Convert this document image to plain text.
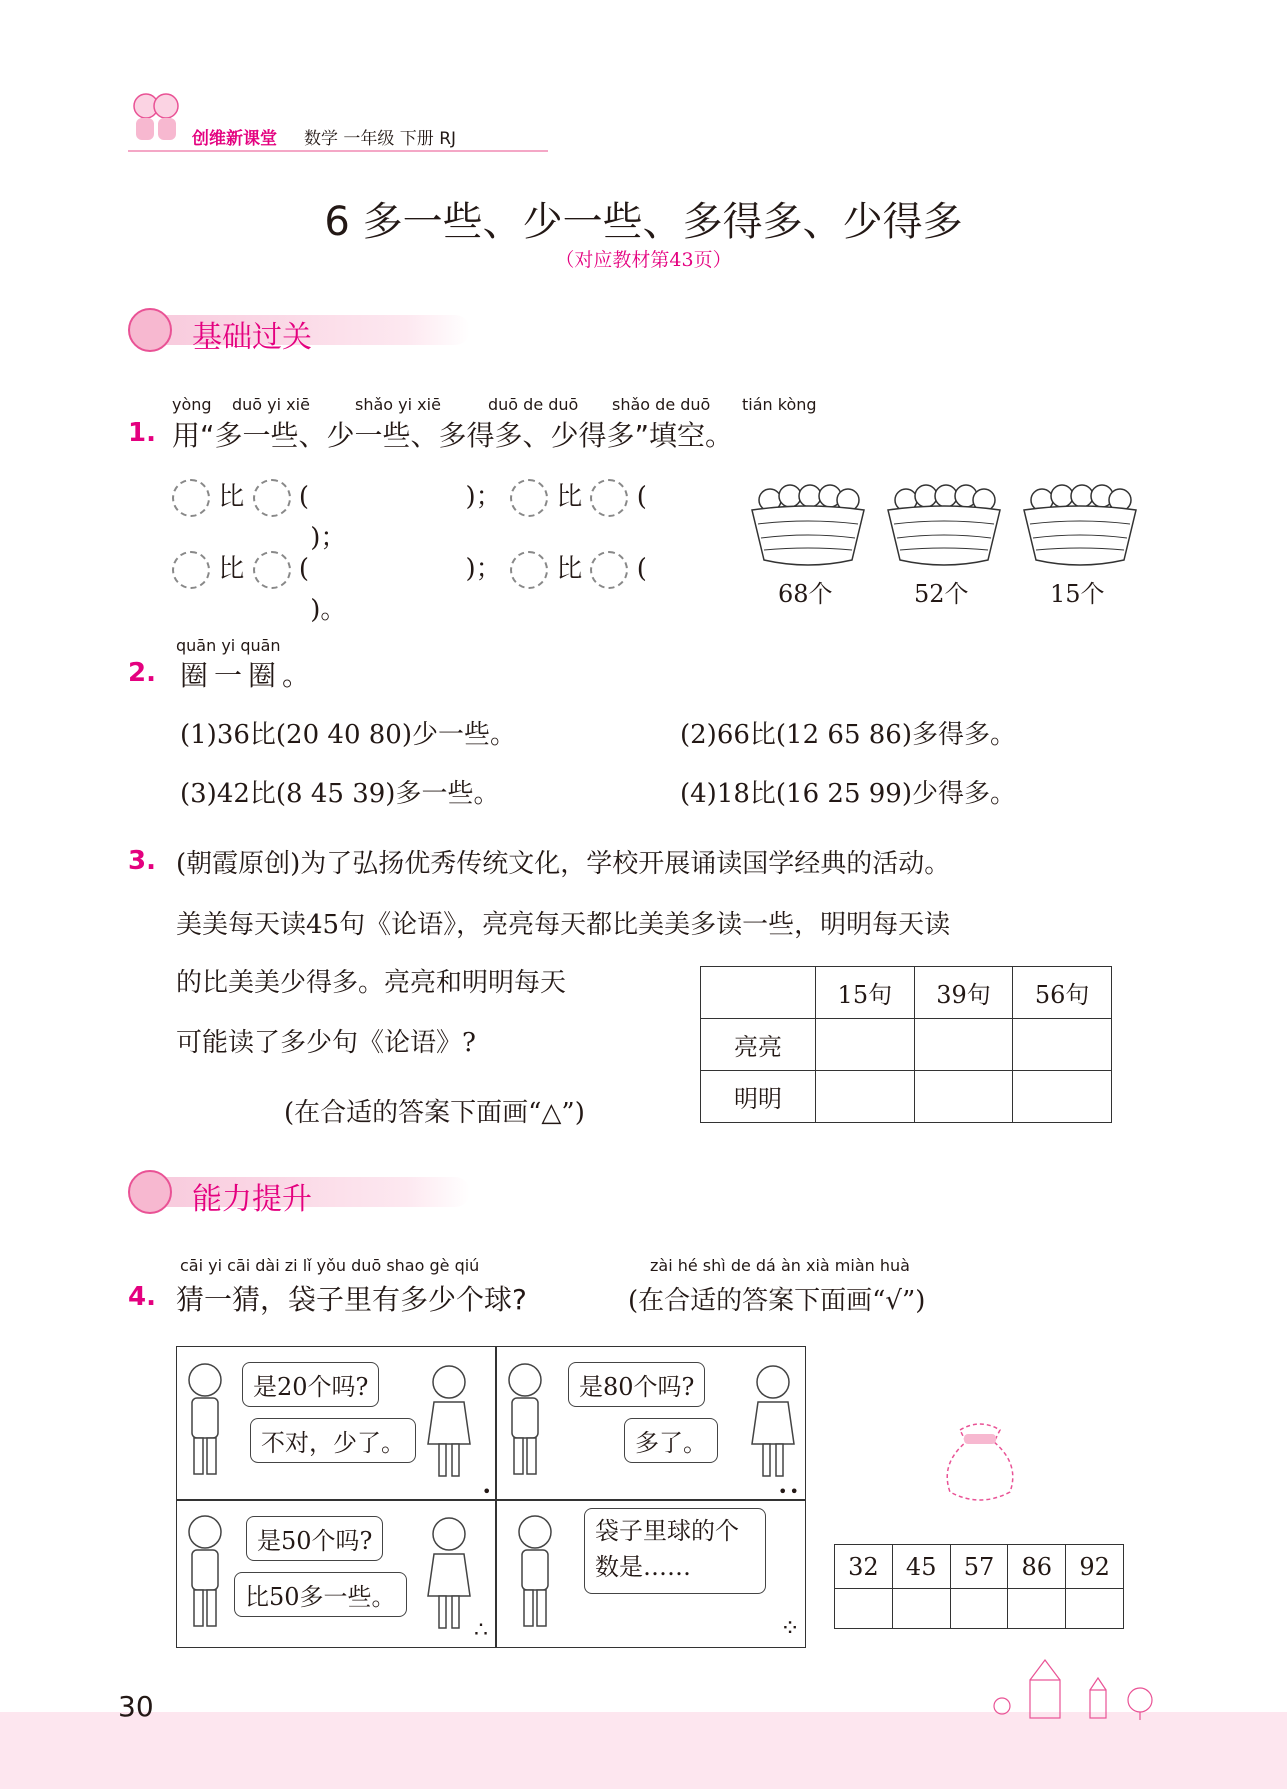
创维新课堂 数学 一年级 下册 RJ
6 多一些、少一些、多得多、少得多
（对应教材第43页）
基础过关
yòng duō yi xiē	shǎo yi xiē	duō de duō shǎo de duō tián kòng
1. 用“多一些、少一些、多得多、少得多”填空。
比 (	)； 比 (  )；
比 (	)； 比 (  )。
68个	52个	15个
quān yi quān
2. 圈一圈。
(1)36比(20 40 80)少一些。	(2)66比(12 65 86)多得多。
(3)42比(8 45 39)多一些。	(4)18比(16 25 99)少得多。
3. (朝霞原创)为了弘扬优秀传统文化，学校开展诵读国学经典的活动。
美美每天读45句《论语》，亮亮每天都比美美多读一些，明明每天读
的比美美少得多。亮亮和明明每天
可能读了多少句《论语》?
(在合适的答案下面画“△”)
	15句	39句	56句
亮亮			
明明			
能力提升
cāi yi cāi dài zi lǐ yǒu duō shao gè qiú	zài hé shì de dá àn xià miàn huà
4. 猜一猜，袋子里有多少个球?	(在合适的答案下面画“√”)
是20个吗?
不对，少了。
是80个吗?
多了。
是50个吗?
比50多一些。
袋子里球的个数是……
•	••
∴	⁘
32	45	57	86	92

30
